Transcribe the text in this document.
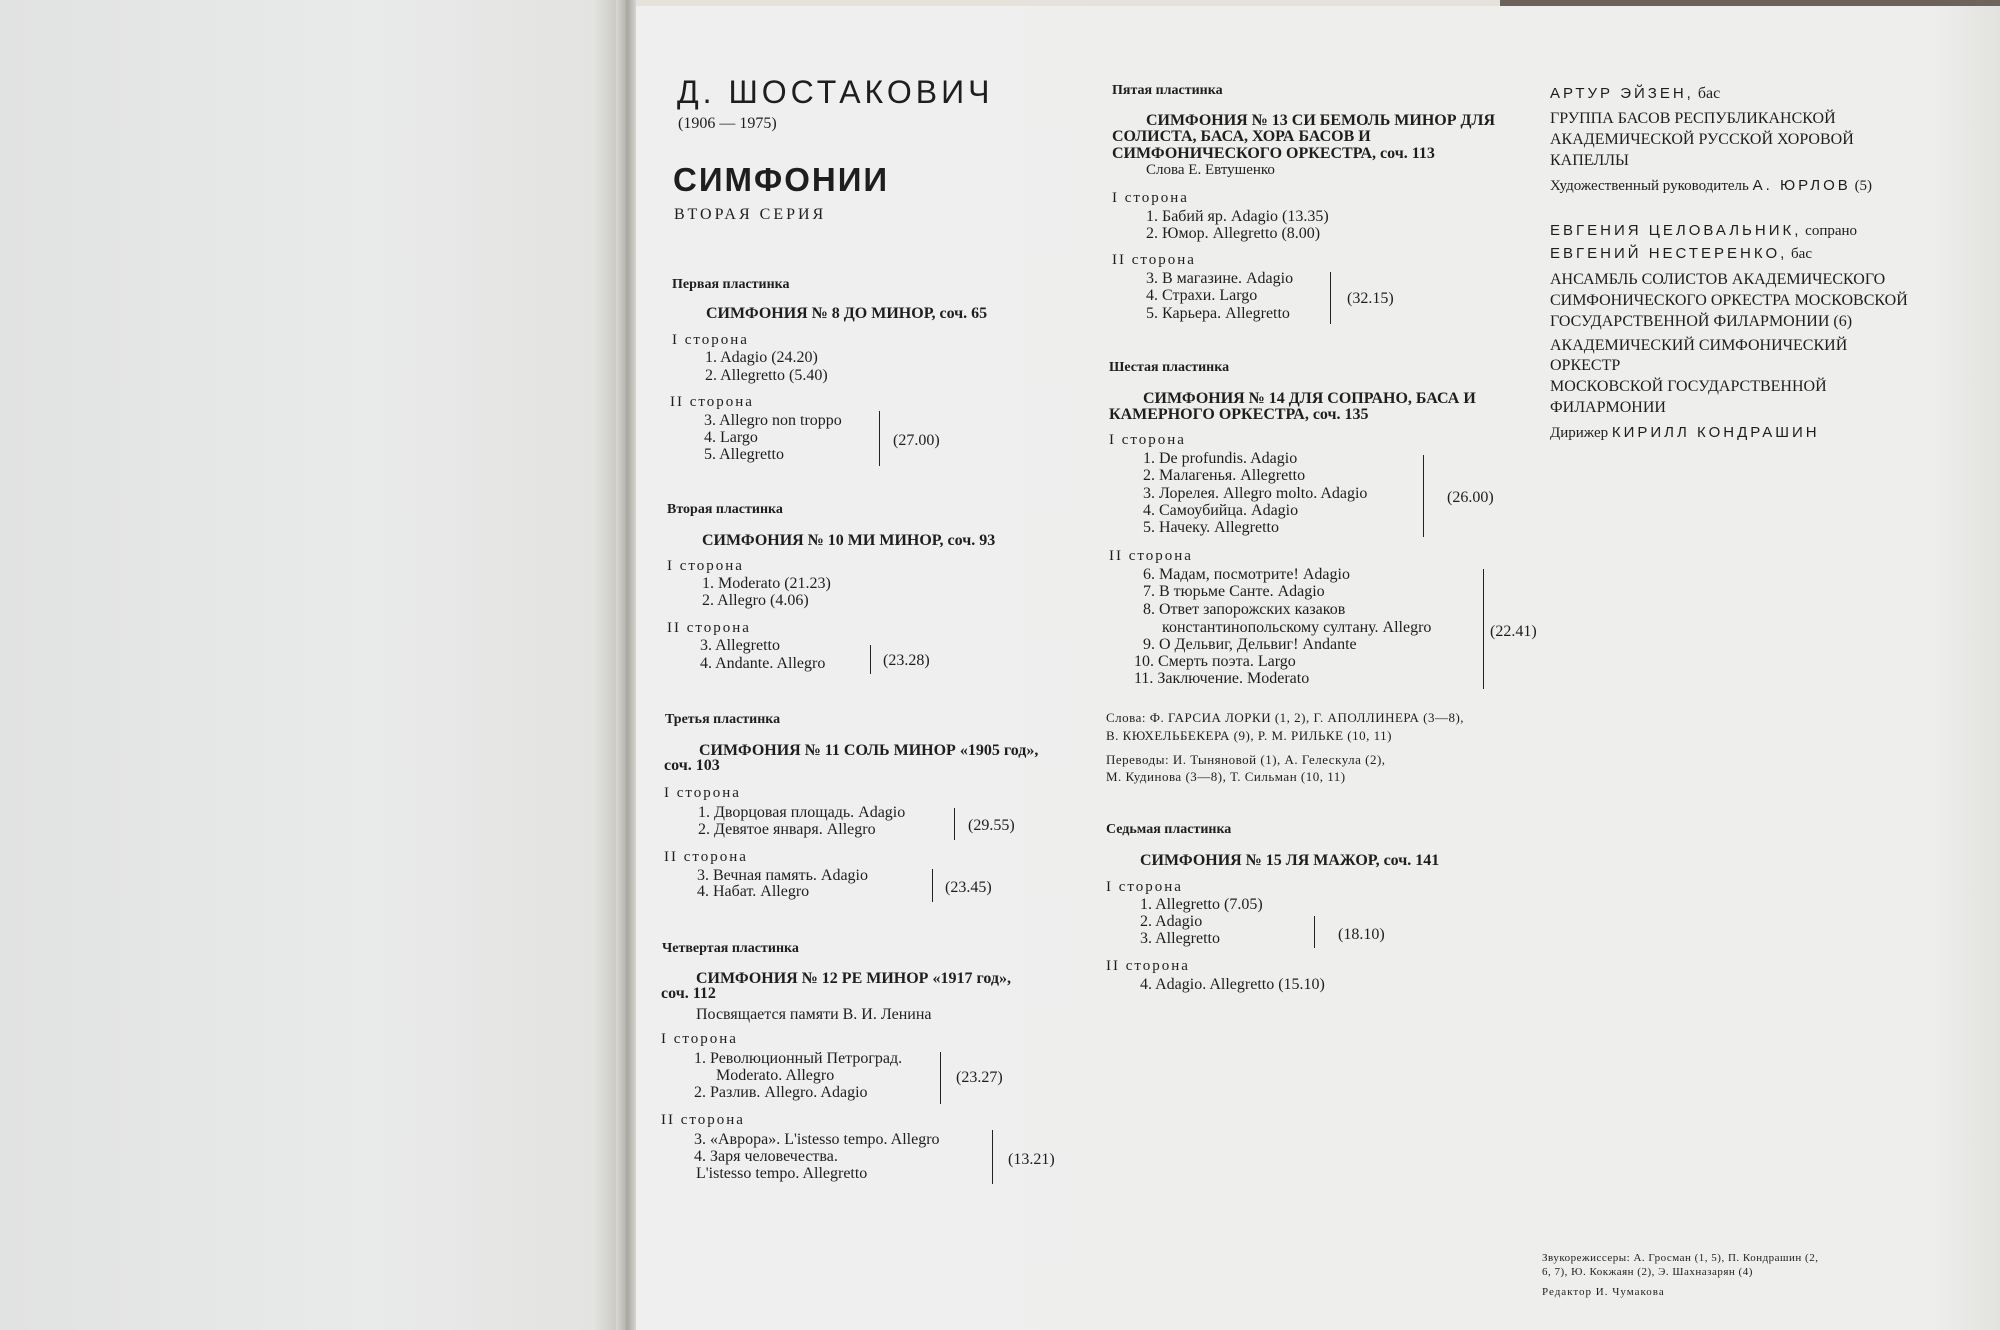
Д. ШОСТАКОВИЧ
(1906 — 1975)
СИМФОНИИ
ВТОРАЯ СЕРИЯ
Первая пластинка
СИМФОНИЯ № 8 ДО МИНОР, соч. 65
I сторона
1. Adagio (24.20)
2. Allegretto (5.40)
II сторона
3. Allegro non troppo
4. Largo
5. Allegretto
(27.00)
Вторая пластинка
СИМФОНИЯ № 10 МИ МИНОР, соч. 93
I сторона
1. Moderato (21.23)
2. Allegro (4.06)
II сторона
3. Allegretto
4. Andante. Allegro	(23.28)
Третья пластинка
СИМФОНИЯ № 11 СОЛЬ МИНОР «1905 год»,
соч. 103
I сторона
1. Дворцовая площадь. Adagio
2. Девятое января. Allegro	(29.55)
II сторона
3. Вечная память. Adagio
4. Набат. Allegro	(23.45)
Четвертая пластинка
СИМФОНИЯ № 12 РЕ МИНОР «1917 год»,
соч. 112
Посвящается памяти В. И. Ленина
I сторона
1. Революционный Петроград.
Moderato. Allegro
2. Разлив. Allegro. Adagio
(23.27)
II сторона
3. «Аврора». L'istesso tempo. Allegro
4. Заря человечества.
L'istesso tempo. Allegretto
(13.21)
Пятая пластинка
СИМФОНИЯ № 13 СИ БЕМОЛЬ МИНОР ДЛЯ
СОЛИСТА, БАСА, ХОРА БАСОВ И
СИМФОНИЧЕСКОГО ОРКЕСТРА, соч. 113
Слова Е. Евтушенко
I сторона
1. Бабий яр. Adagio (13.35)
2. Юмор. Allegretto (8.00)
II сторона
3. В магазине. Adagio
4. Страхи. Largo
5. Карьера. Allegretto
(32.15)
Шестая пластинка
СИМФОНИЯ № 14 ДЛЯ СОПРАНО, БАСА И
КАМЕРНОГО ОРКЕСТРА, соч. 135
I сторона
1. De profundis. Adagio
2. Малагенья. Allegretto
3. Лорелея. Allegro molto. Adagio
4. Самоубийца. Adagio
5. Начеку. Allegretto
(26.00)
II сторона
6. Мадам, посмотрите! Adagio
7. В тюрьме Санте. Adagio
8. Ответ запорожских казаков
константинопольскому султану. Allegro
9. О Дельвиг, Дельвиг! Andante
10. Смерть поэта. Largo
11. Заключение. Moderato
(22.41)
Слова: Ф. ГАРСИА ЛОРКИ (1, 2), Г. АПОЛЛИНЕРА (3—8),
В. КЮХЕЛЬБЕКЕРА (9), Р. М. РИЛЬКЕ (10, 11)
Переводы: И. Тыняновой (1), А. Гелескула (2),
М. Кудинова (3—8), Т. Сильман (10, 11)
Седьмая пластинка
СИМФОНИЯ № 15 ЛЯ МАЖОР, соч. 141
I сторона
1. Allegretto (7.05)
2. Adagio
3. Allegretto	(18.10)
II сторона
4. Adagio. Allegretto (15.10)
АРТУР ЭЙЗЕН, бас
ГРУППА БАСОВ РЕСПУБЛИКАНСКОЙ
АКАДЕМИЧЕСКОЙ РУССКОЙ ХОРОВОЙ
КАПЕЛЛЫ
Художественный руководитель А. ЮРЛОВ (5)
ЕВГЕНИЯ ЦЕЛОВАЛЬНИК, сопрано
ЕВГЕНИЙ НЕСТЕРЕНКО, бас
АНСАМБЛЬ СОЛИСТОВ АКАДЕМИЧЕСКОГО
СИМФОНИЧЕСКОГО ОРКЕСТРА МОСКОВСКОЙ
ГОСУДАРСТВЕННОЙ ФИЛАРМОНИИ (6)
АКАДЕМИЧЕСКИЙ СИМФОНИЧЕСКИЙ
ОРКЕСТР
МОСКОВСКОЙ ГОСУДАРСТВЕННОЙ
ФИЛАРМОНИИ
Дирижер КИРИЛЛ КОНДРАШИН
Звукорежиссеры: А. Гросман (1, 5), П. Кондрашин (2,
6, 7), Ю. Кокжаян (2), Э. Шахназарян (4)
Редактор И. Чумакова
